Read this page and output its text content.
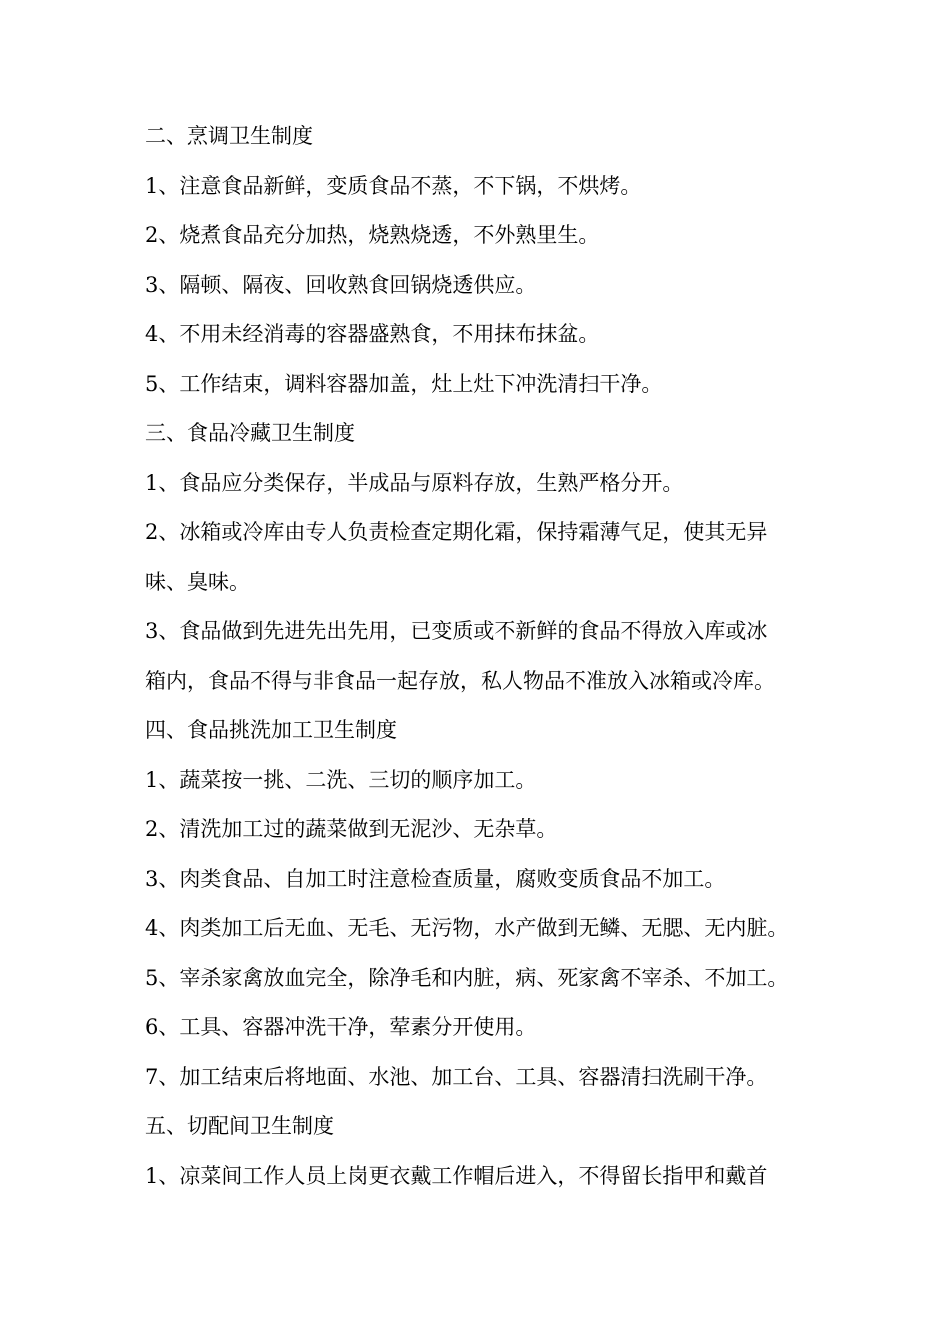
二、烹调卫生制度
1、注意食品新鲜，变质食品不蒸，不下锅，不烘烤。
2、烧煮食品充分加热，烧熟烧透，不外熟里生。
3、隔顿、隔夜、回收熟食回锅烧透供应。
4、不用未经消毒的容器盛熟食，不用抹布抹盆。
5、工作结束，调料容器加盖，灶上灶下冲洗清扫干净。
三、食品冷藏卫生制度
1、食品应分类保存，半成品与原料存放，生熟严格分开。
2、冰箱或冷库由专人负责检查定期化霜，保持霜薄气足，使其无异
味、臭味。
3、食品做到先进先出先用，已变质或不新鲜的食品不得放入库或冰
箱内，食品不得与非食品一起存放，私人物品不准放入冰箱或冷库。
四、食品挑洗加工卫生制度
1、蔬菜按一挑、二洗、三切的顺序加工。
2、清洗加工过的蔬菜做到无泥沙、无杂草。
3、肉类食品、自加工时注意检查质量，腐败变质食品不加工。
4、肉类加工后无血、无毛、无污物，水产做到无鳞、无腮、无内脏。
5、宰杀家禽放血完全，除净毛和内脏，病、死家禽不宰杀、不加工。
6、工具、容器冲洗干净，荤素分开使用。
7、加工结束后将地面、水池、加工台、工具、容器清扫洗刷干净。
五、切配间卫生制度
1、凉菜间工作人员上岗更衣戴工作帽后进入，不得留长指甲和戴首
